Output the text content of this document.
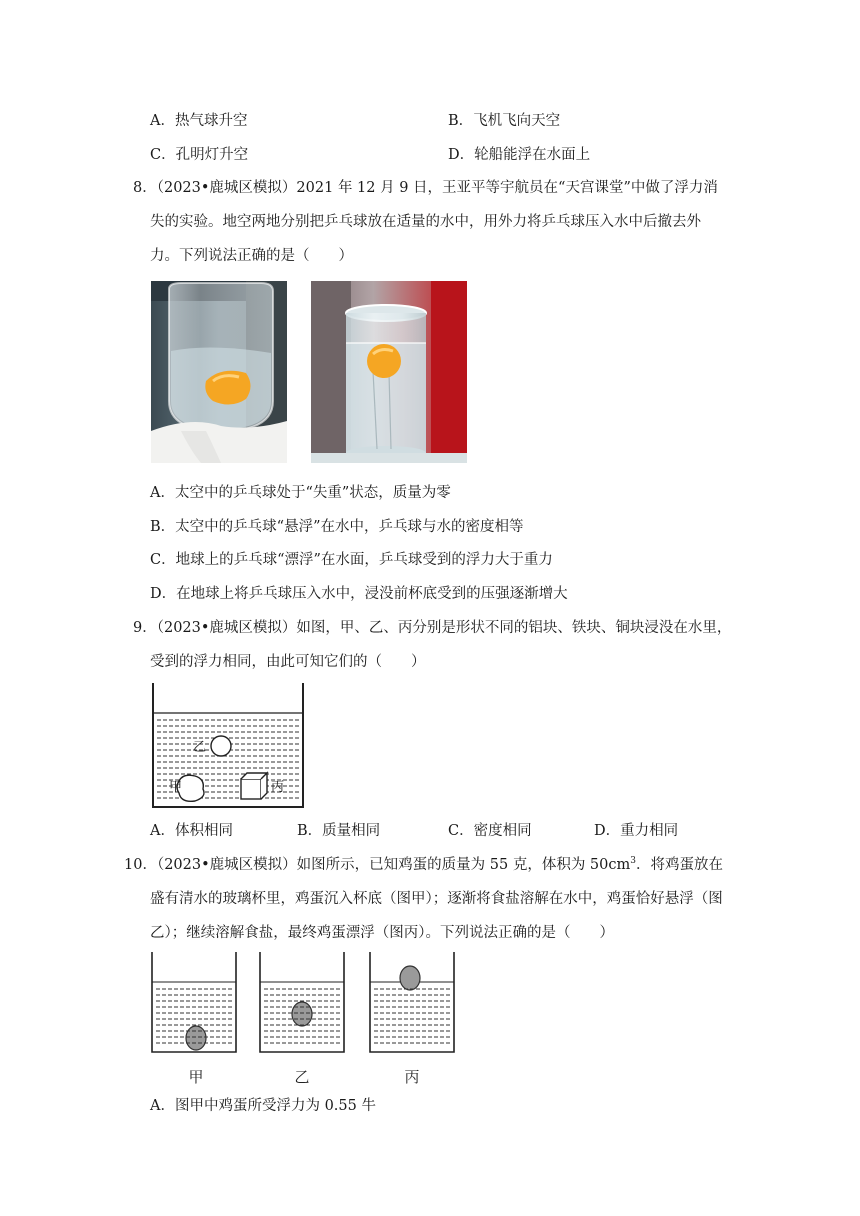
A．热气球升空	B．飞机飞向天空
C．孔明灯升空	D．轮船能浮在水面上
8．（2023•鹿城区模拟）2021 年 12 月 9 日，王亚平等宇航员在“天宫课堂”中做了浮力消
失的实验。地空两地分别把乒乓球放在适量的水中，用外力将乒乓球压入水中后撤去外
力。下列说法正确的是（　　）
A．太空中的乒乓球处于“失重”状态，质量为零
B．太空中的乒乓球“悬浮”在水中，乒乓球与水的密度相等
C．地球上的乒乓球“漂浮”在水面，乒乓球受到的浮力大于重力
D．在地球上将乒乓球压入水中，浸没前杯底受到的压强逐渐增大
9．（2023•鹿城区模拟）如图，甲、乙、丙分别是形状不同的铝块、铁块、铜块浸没在水里，
受到的浮力相同，由此可知它们的（　　）
乙
甲	丙
A．体积相同	B．质量相同	C．密度相同	D．重力相同
10．（2023•鹿城区模拟）如图所示，已知鸡蛋的质量为 55 克，体积为 $50cm^3$．将鸡蛋放在
盛有清水的玻璃杯里，鸡蛋沉入杯底（图甲）；逐渐将食盐溶解在水中，鸡蛋恰好悬浮（图
乙）；继续溶解食盐，最终鸡蛋漂浮（图丙）。下列说法正确的是（　　）
甲	乙	丙
A．图甲中鸡蛋所受浮力为 0.55 牛
